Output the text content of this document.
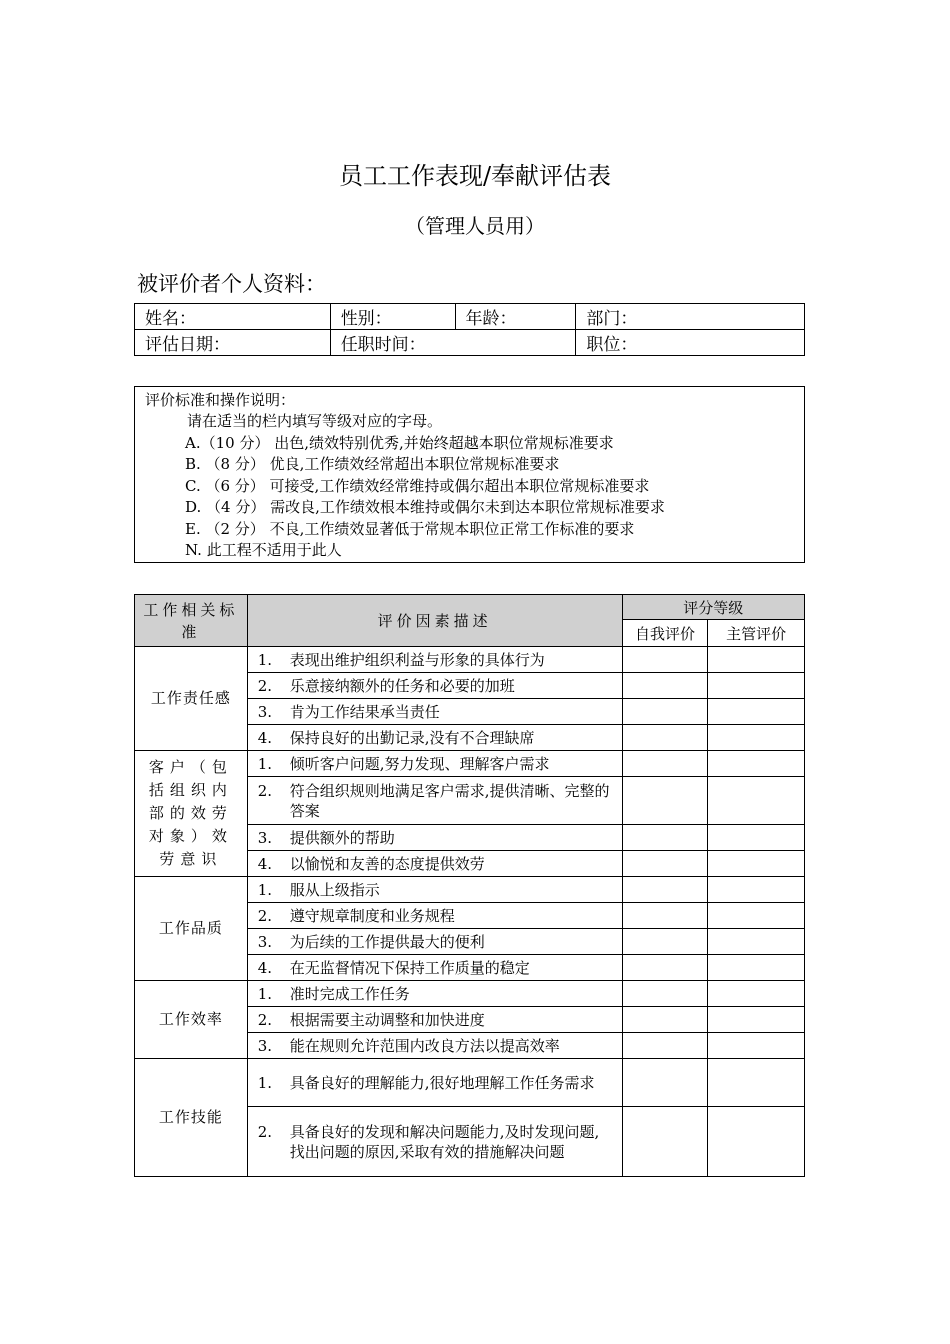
员工工作表现/奉献评估表
（管理人员用）
被评价者个人资料：
姓名：	性别：	年龄：	部门：
评估日期：	任职时间：		职位：
评价标准和操作说明：
请在适当的栏内填写等级对应的字母。
A.（10 分） 出色,绩效特别优秀,并始终超越本职位常规标准要求
B. （8 分） 优良,工作绩效经常超出本职位常规标准要求
C. （6 分） 可接受,工作绩效经常维持或偶尔超出本职位常规标准要求
D. （4 分） 需改良,工作绩效根本维持或偶尔未到达本职位常规标准要求
E. （2 分） 不良,工作绩效显著低于常规本职位正常工作标准的要求
N. 此工程不适用于此人
工作相关标准	评价因素描述	评分等级	
		自我评价	主管评价
工作责任感	1. 表现出维护组织利益与形象的具体行为		
	2. 乐意接纳额外的任务和必要的加班		
	3. 肯为工作结果承当责任		
	4. 保持良好的出勤记录,没有不合理缺席		
客户（包括组织内部的效劳对象）效劳意识	1. 倾听客户问题,努力发现、理解客户需求		
	2. 符合组织规则地满足客户需求,提供清晰、完整的答案		
	3. 提供额外的帮助		
	4. 以愉悦和友善的态度提供效劳		
工作品质	1. 服从上级指示		
	2. 遵守规章制度和业务规程		
	3. 为后续的工作提供最大的便利		
	4. 在无监督情况下保持工作质量的稳定		
工作效率	1. 准时完成工作任务		
	2. 根据需要主动调整和加快进度		
	3. 能在规则允许范围内改良方法以提高效率		
工作技能	1. 具备良好的理解能力,很好地理解工作任务需求		
	2. 具备良好的发现和解决问题能力,及时发现问题,找出问题的原因,采取有效的措施解决问题		
